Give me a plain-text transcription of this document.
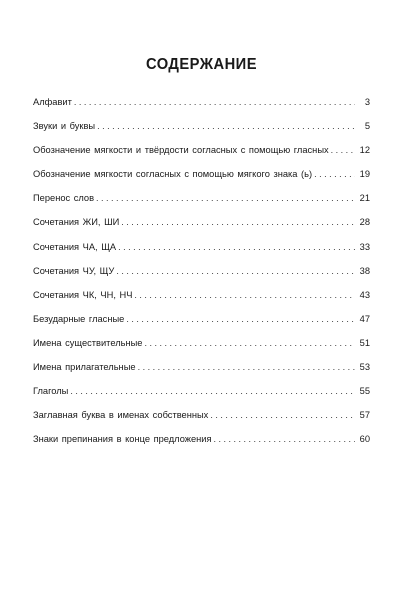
СОДЕРЖАНИЕ
Алфавит . . .	3
Звуки и буквы . . .	5
Обозначение мягкости и твёрдости согласных с помощью гласных . . .	12
Обозначение мягкости согласных с помощью мягкого знака (ь) . . .	19
Перенос слов . . .	21
Сочетания ЖИ, ШИ . . .	28
Сочетания ЧА, ЩА . . .	33
Сочетания ЧУ, ЩУ . . .	38
Сочетания ЧК, ЧН, НЧ . . .	43
Безударные гласные . . .	47
Имена существительные . . .	51
Имена прилагательные . . .	53
Глаголы . . .	55
Заглавная буква в именах собственных . . .	57
Знаки препинания в конце предложения . . .	60
